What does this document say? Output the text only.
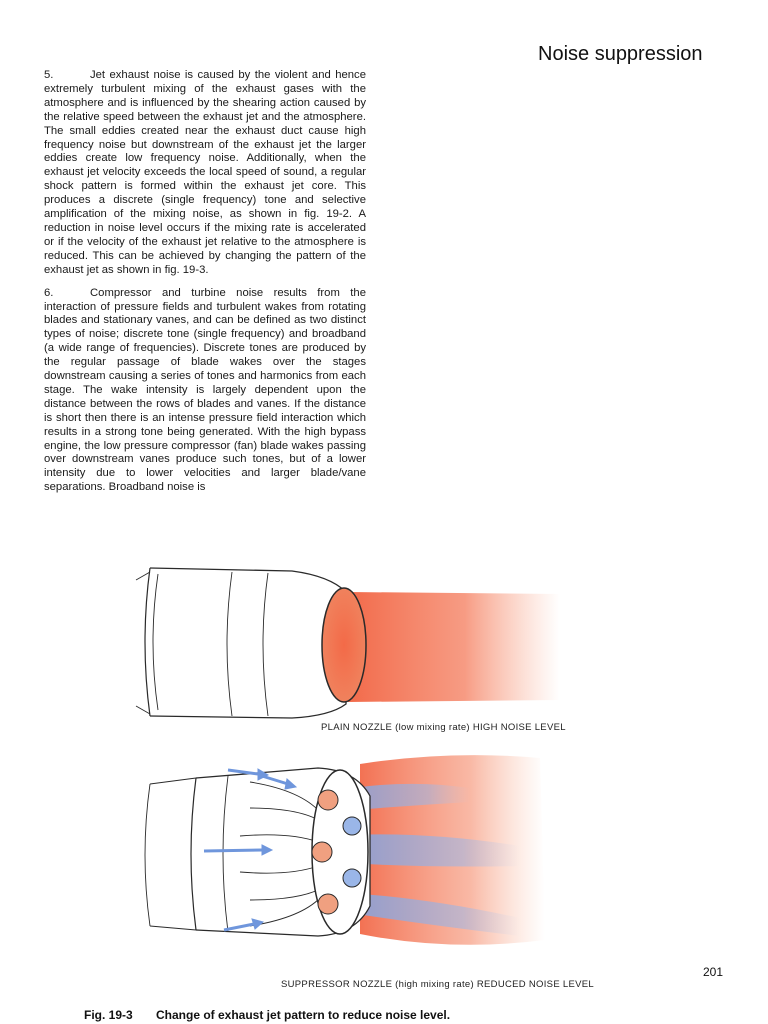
Noise suppression

5.	Jet exhaust noise is caused by the violent and hence extremely turbulent mixing of the exhaust gases with the atmosphere and is influenced by the shearing action caused by the relative speed between the exhaust jet and the atmosphere. The small eddies created near the exhaust duct cause high frequency noise but downstream of the exhaust jet the larger eddies create low frequency noise. Additionally, when the exhaust jet velocity exceeds the local speed of sound, a regular shock pattern is formed within the exhaust jet core. This produces a discrete (single frequency) tone and selective amplification of the mixing noise, as shown in fig. 19-2. A reduction in noise level occurs if the mixing rate is accelerated or if the velocity of the exhaust jet relative to the atmosphere is reduced. This can be achieved by changing the pattern of the exhaust jet as shown in fig. 19-3.

6.	Compressor and turbine noise results from the interaction of pressure fields and turbulent wakes from rotating blades and stationary vanes, and can be defined as two distinct types of noise; discrete tone (single frequency) and broadband (a wide range of frequencies). Discrete tones are produced by the regular passage of blade wakes over the stages downstream causing a series of tones and harmonics from each stage. The wake intensity is largely dependent upon the distance between the rows of blades and vanes. If the distance is short then there is an intense pressure field interaction which results in a strong tone being generated. With the high bypass engine, the low pressure compressor (fan) blade wakes passing over downstream vanes produce such tones, but of a lower intensity due to lower velocities and larger blade/vane separations. Broadband noise is

PLAIN NOZZLE (low mixing rate) HIGH NOISE LEVEL
SUPPRESSOR NOZZLE (high mixing rate) REDUCED NOISE LEVEL
201
Fig. 19-3 Change of exhaust jet pattern to reduce noise level.
